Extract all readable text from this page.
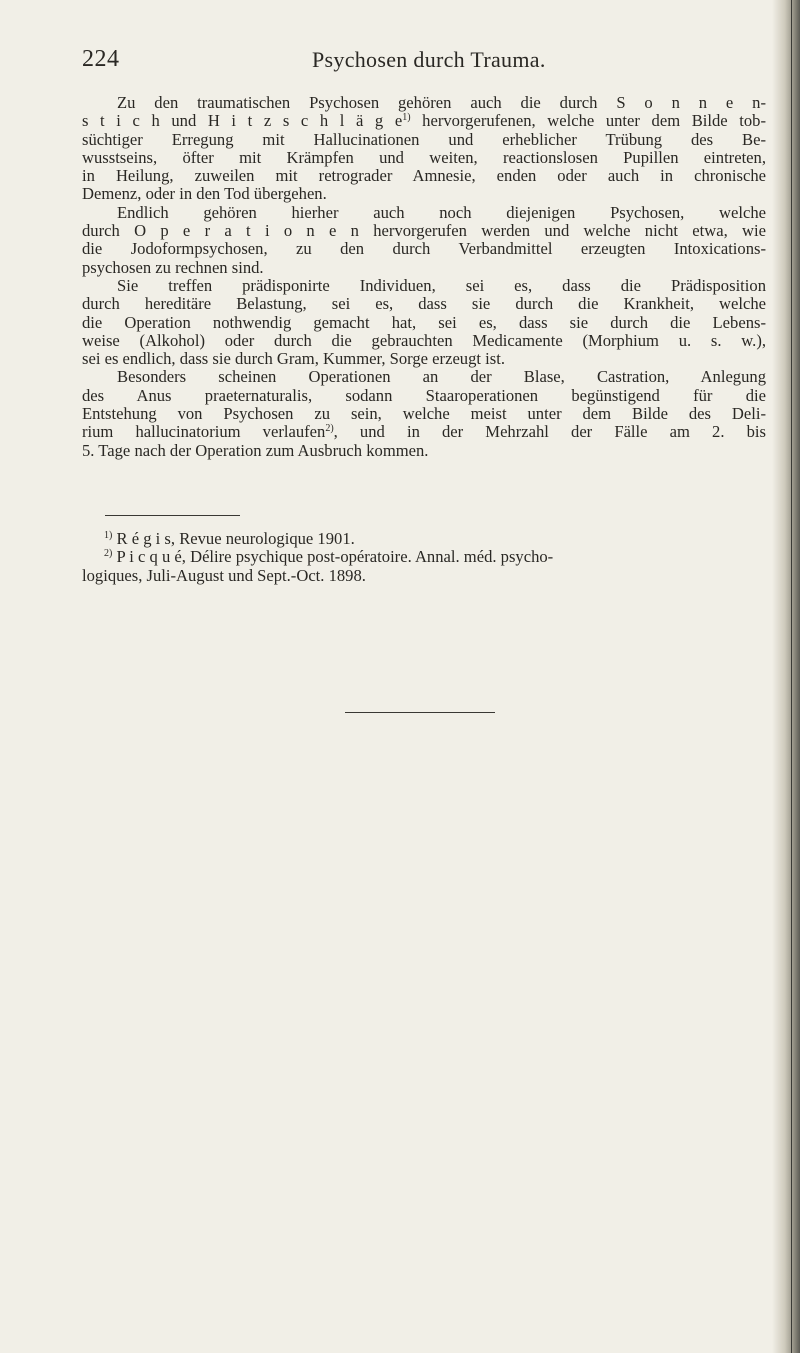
224	Psychosen durch Trauma.
Zu den traumatischen Psychosen gehören auch die durch S o n n e n-
s t i c h und H i t z s c h l ä g $e^{1)}$ hervorgerufenen, welche unter dem Bilde tob-
süchtiger Erregung mit Hallucinationen und erheblicher Trübung des Be-
wusstseins, öfter mit Krämpfen und weiten, reactionslosen Pupillen eintreten,
in Heilung, zuweilen mit retrograder Amnesie, enden oder auch in chronische
Demenz, oder in den Tod übergehen.
Endlich gehören hierher auch noch diejenigen Psychosen, welche
durch O p e r a t i o n e n hervorgerufen werden und welche nicht etwa, wie
die Jodoformpsychosen, zu den durch Verbandmittel erzeugten Intoxications-
psychosen zu rechnen sind.
Sie treffen prädisponirte Individuen, sei es, dass die Prädisposition
durch hereditäre Belastung, sei es, dass sie durch die Krankheit, welche
die Operation nothwendig gemacht hat, sei es, dass sie durch die Lebens-
weise (Alkohol) oder durch die gebrauchten Medicamente (Morphium u. s. w.),
sei es endlich, dass sie durch Gram, Kummer, Sorge erzeugt ist.
Besonders scheinen Operationen an der Blase, Castration, Anlegung
des Anus praeternaturalis, sodann Staaroperationen begünstigend für die
Entstehung von Psychosen zu sein, welche meist unter dem Bilde des Deli-
rium hallucinatorium verlaufen$^{2)}$, und in der Mehrzahl der Fälle am 2. bis
5. Tage nach der Operation zum Ausbruch kommen.
$^{1)}$ R é g i s, Revue neurologique 1901.
$^{2)}$ P i c q u é, Délire psychique post-opératoire. Annal. méd. psycho-
logiques, Juli-August und Sept.-Oct. 1898.
